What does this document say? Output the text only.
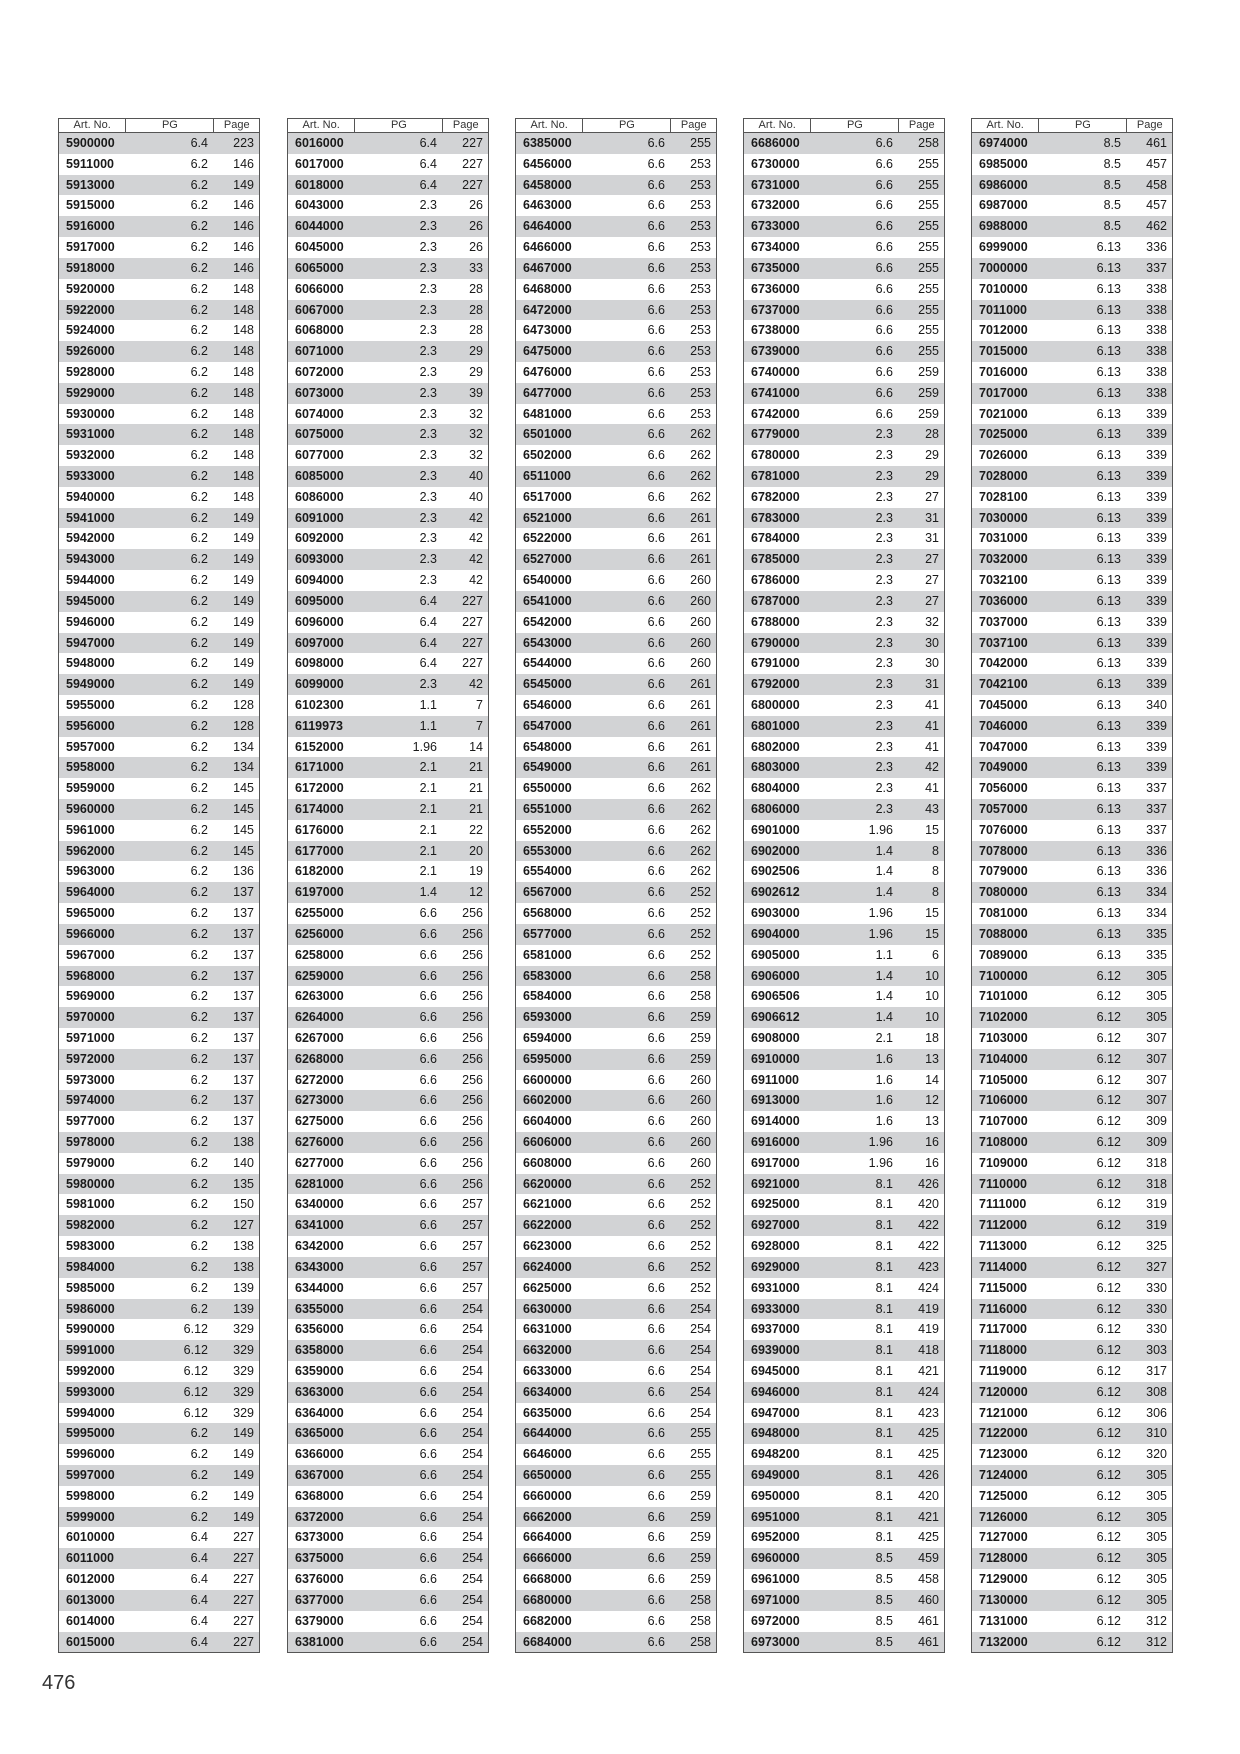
Art. No.	PG	Page
5900000	6.4	223
5911000	6.2	146
5913000	6.2	149
5915000	6.2	146
5916000	6.2	146
5917000	6.2	146
5918000	6.2	146
5920000	6.2	148
5922000	6.2	148
5924000	6.2	148
5926000	6.2	148
5928000	6.2	148
5929000	6.2	148
5930000	6.2	148
5931000	6.2	148
5932000	6.2	148
5933000	6.2	148
5940000	6.2	148
5941000	6.2	149
5942000	6.2	149
5943000	6.2	149
5944000	6.2	149
5945000	6.2	149
5946000	6.2	149
5947000	6.2	149
5948000	6.2	149
5949000	6.2	149
5955000	6.2	128
5956000	6.2	128
5957000	6.2	134
5958000	6.2	134
5959000	6.2	145
5960000	6.2	145
5961000	6.2	145
5962000	6.2	145
5963000	6.2	136
5964000	6.2	137
5965000	6.2	137
5966000	6.2	137
5967000	6.2	137
5968000	6.2	137
5969000	6.2	137
5970000	6.2	137
5971000	6.2	137
5972000	6.2	137
5973000	6.2	137
5974000	6.2	137
5977000	6.2	137
5978000	6.2	138
5979000	6.2	140
5980000	6.2	135
5981000	6.2	150
5982000	6.2	127
5983000	6.2	138
5984000	6.2	138
5985000	6.2	139
5986000	6.2	139
5990000	6.12	329
5991000	6.12	329
5992000	6.12	329
5993000	6.12	329
5994000	6.12	329
5995000	6.2	149
5996000	6.2	149
5997000	6.2	149
5998000	6.2	149
5999000	6.2	149
6010000	6.4	227
6011000	6.4	227
6012000	6.4	227
6013000	6.4	227
6014000	6.4	227
6015000	6.4	227
Art. No.	PG	Page
6016000	6.4	227
6017000	6.4	227
6018000	6.4	227
6043000	2.3	26
6044000	2.3	26
6045000	2.3	26
6065000	2.3	33
6066000	2.3	28
6067000	2.3	28
6068000	2.3	28
6071000	2.3	29
6072000	2.3	29
6073000	2.3	39
6074000	2.3	32
6075000	2.3	32
6077000	2.3	32
6085000	2.3	40
6086000	2.3	40
6091000	2.3	42
6092000	2.3	42
6093000	2.3	42
6094000	2.3	42
6095000	6.4	227
6096000	6.4	227
6097000	6.4	227
6098000	6.4	227
6099000	2.3	42
6102300	1.1	7
6119973	1.1	7
6152000	1.96	14
6171000	2.1	21
6172000	2.1	21
6174000	2.1	21
6176000	2.1	22
6177000	2.1	20
6182000	2.1	19
6197000	1.4	12
6255000	6.6	256
6256000	6.6	256
6258000	6.6	256
6259000	6.6	256
6263000	6.6	256
6264000	6.6	256
6267000	6.6	256
6268000	6.6	256
6272000	6.6	256
6273000	6.6	256
6275000	6.6	256
6276000	6.6	256
6277000	6.6	256
6281000	6.6	256
6340000	6.6	257
6341000	6.6	257
6342000	6.6	257
6343000	6.6	257
6344000	6.6	257
6355000	6.6	254
6356000	6.6	254
6358000	6.6	254
6359000	6.6	254
6363000	6.6	254
6364000	6.6	254
6365000	6.6	254
6366000	6.6	254
6367000	6.6	254
6368000	6.6	254
6372000	6.6	254
6373000	6.6	254
6375000	6.6	254
6376000	6.6	254
6377000	6.6	254
6379000	6.6	254
6381000	6.6	254
Art. No.	PG	Page
6385000	6.6	255
6456000	6.6	253
6458000	6.6	253
6463000	6.6	253
6464000	6.6	253
6466000	6.6	253
6467000	6.6	253
6468000	6.6	253
6472000	6.6	253
6473000	6.6	253
6475000	6.6	253
6476000	6.6	253
6477000	6.6	253
6481000	6.6	253
6501000	6.6	262
6502000	6.6	262
6511000	6.6	262
6517000	6.6	262
6521000	6.6	261
6522000	6.6	261
6527000	6.6	261
6540000	6.6	260
6541000	6.6	260
6542000	6.6	260
6543000	6.6	260
6544000	6.6	260
6545000	6.6	261
6546000	6.6	261
6547000	6.6	261
6548000	6.6	261
6549000	6.6	261
6550000	6.6	262
6551000	6.6	262
6552000	6.6	262
6553000	6.6	262
6554000	6.6	262
6567000	6.6	252
6568000	6.6	252
6577000	6.6	252
6581000	6.6	252
6583000	6.6	258
6584000	6.6	258
6593000	6.6	259
6594000	6.6	259
6595000	6.6	259
6600000	6.6	260
6602000	6.6	260
6604000	6.6	260
6606000	6.6	260
6608000	6.6	260
6620000	6.6	252
6621000	6.6	252
6622000	6.6	252
6623000	6.6	252
6624000	6.6	252
6625000	6.6	252
6630000	6.6	254
6631000	6.6	254
6632000	6.6	254
6633000	6.6	254
6634000	6.6	254
6635000	6.6	254
6644000	6.6	255
6646000	6.6	255
6650000	6.6	255
6660000	6.6	259
6662000	6.6	259
6664000	6.6	259
6666000	6.6	259
6668000	6.6	259
6680000	6.6	258
6682000	6.6	258
6684000	6.6	258
Art. No.	PG	Page
6686000	6.6	258
6730000	6.6	255
6731000	6.6	255
6732000	6.6	255
6733000	6.6	255
6734000	6.6	255
6735000	6.6	255
6736000	6.6	255
6737000	6.6	255
6738000	6.6	255
6739000	6.6	255
6740000	6.6	259
6741000	6.6	259
6742000	6.6	259
6779000	2.3	28
6780000	2.3	29
6781000	2.3	29
6782000	2.3	27
6783000	2.3	31
6784000	2.3	31
6785000	2.3	27
6786000	2.3	27
6787000	2.3	27
6788000	2.3	32
6790000	2.3	30
6791000	2.3	30
6792000	2.3	31
6800000	2.3	41
6801000	2.3	41
6802000	2.3	41
6803000	2.3	42
6804000	2.3	41
6806000	2.3	43
6901000	1.96	15
6902000	1.4	8
6902506	1.4	8
6902612	1.4	8
6903000	1.96	15
6904000	1.96	15
6905000	1.1	6
6906000	1.4	10
6906506	1.4	10
6906612	1.4	10
6908000	2.1	18
6910000	1.6	13
6911000	1.6	14
6913000	1.6	12
6914000	1.6	13
6916000	1.96	16
6917000	1.96	16
6921000	8.1	426
6925000	8.1	420
6927000	8.1	422
6928000	8.1	422
6929000	8.1	423
6931000	8.1	424
6933000	8.1	419
6937000	8.1	419
6939000	8.1	418
6945000	8.1	421
6946000	8.1	424
6947000	8.1	423
6948000	8.1	425
6948200	8.1	425
6949000	8.1	426
6950000	8.1	420
6951000	8.1	421
6952000	8.1	425
6960000	8.5	459
6961000	8.5	458
6971000	8.5	460
6972000	8.5	461
6973000	8.5	461
Art. No.	PG	Page
6974000	8.5	461
6985000	8.5	457
6986000	8.5	458
6987000	8.5	457
6988000	8.5	462
6999000	6.13	336
7000000	6.13	337
7010000	6.13	338
7011000	6.13	338
7012000	6.13	338
7015000	6.13	338
7016000	6.13	338
7017000	6.13	338
7021000	6.13	339
7025000	6.13	339
7026000	6.13	339
7028000	6.13	339
7028100	6.13	339
7030000	6.13	339
7031000	6.13	339
7032000	6.13	339
7032100	6.13	339
7036000	6.13	339
7037000	6.13	339
7037100	6.13	339
7042000	6.13	339
7042100	6.13	339
7045000	6.13	340
7046000	6.13	339
7047000	6.13	339
7049000	6.13	339
7056000	6.13	337
7057000	6.13	337
7076000	6.13	337
7078000	6.13	336
7079000	6.13	336
7080000	6.13	334
7081000	6.13	334
7088000	6.13	335
7089000	6.13	335
7100000	6.12	305
7101000	6.12	305
7102000	6.12	305
7103000	6.12	307
7104000	6.12	307
7105000	6.12	307
7106000	6.12	307
7107000	6.12	309
7108000	6.12	309
7109000	6.12	318
7110000	6.12	318
7111000	6.12	319
7112000	6.12	319
7113000	6.12	325
7114000	6.12	327
7115000	6.12	330
7116000	6.12	330
7117000	6.12	330
7118000	6.12	303
7119000	6.12	317
7120000	6.12	308
7121000	6.12	306
7122000	6.12	310
7123000	6.12	320
7124000	6.12	305
7125000	6.12	305
7126000	6.12	305
7127000	6.12	305
7128000	6.12	305
7129000	6.12	305
7130000	6.12	305
7131000	6.12	312
7132000	6.12	312
476
